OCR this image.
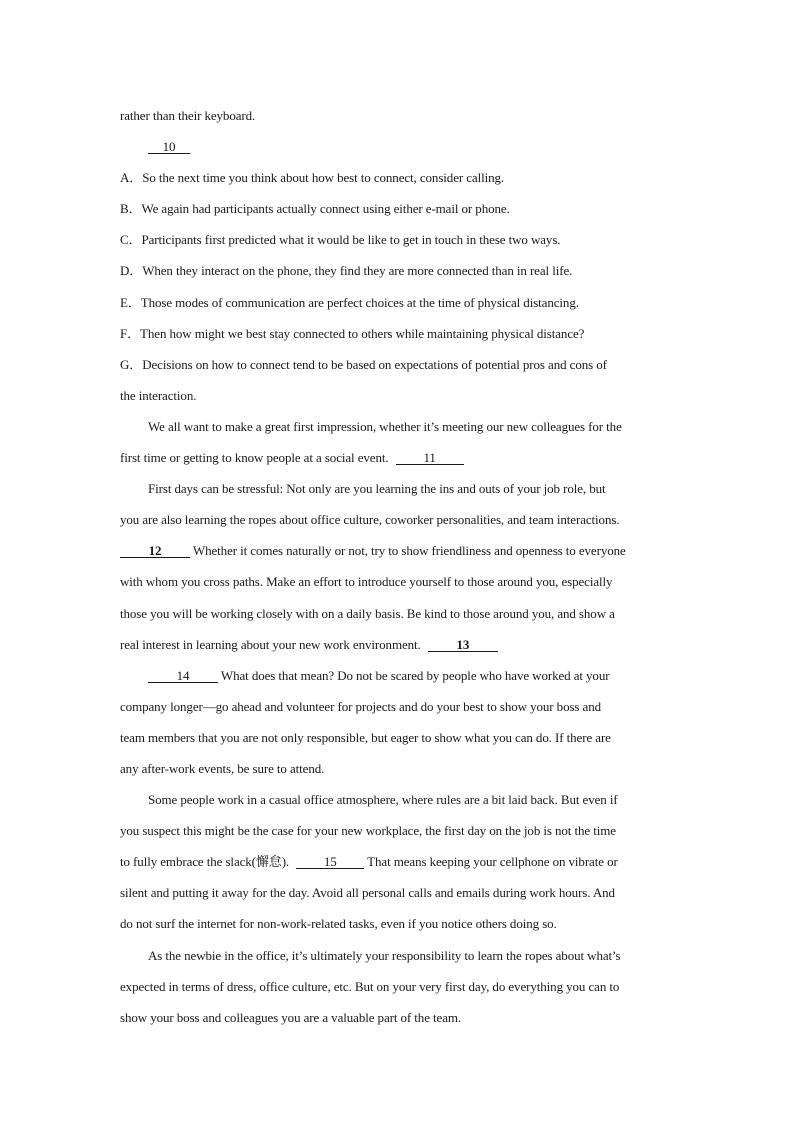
rather than their keyboard.
10
A．So the next time you think about how best to connect, consider calling.
B．We again had participants actually connect using either e-mail or phone.
C．Participants first predicted what it would be like to get in touch in these two ways.
D．When they interact on the phone, they find they are more connected than in real life.
E．Those modes of communication are perfect choices at the time of physical distancing.
F．Then how might we best stay connected to others while maintaining physical distance?
G．Decisions on how to connect tend to be based on expectations of potential pros and cons of
the interaction.
We all want to make a great first impression, whether it’s meeting our new colleagues for the
first time or getting to know people at a social event.	11
First days can be stressful: Not only are you learning the ins and outs of your job role, but
you are also learning the ropes about office culture, coworker personalities, and team interactions.
12 Whether it comes naturally or not, try to show friendliness and openness to everyone
with whom you cross paths. Make an effort to introduce yourself to those around you, especially
those you will be working closely with on a daily basis. Be kind to those around you, and show a
real interest in learning about your new work environment.	13
14 What does that mean? Do not be scared by people who have worked at your
company longer—go ahead and volunteer for projects and do your best to show your boss and
team members that you are not only responsible, but eager to show what you can do. If there are
any after-work events, be sure to attend.
Some people work in a casual office atmosphere, where rules are a bit laid back. But even if
you suspect this might be the case for your new workplace, the first day on the job is not the time
to fully embrace the slack(懈怠).	15 That means keeping your cellphone on vibrate or
silent and putting it away for the day. Avoid all personal calls and emails during work hours. And
do not surf the internet for non-work-related tasks, even if you notice others doing so.
As the newbie in the office, it’s ultimately your responsibility to learn the ropes about what’s
expected in terms of dress, office culture, etc. But on your very first day, do everything you can to
show your boss and colleagues you are a valuable part of the team.
